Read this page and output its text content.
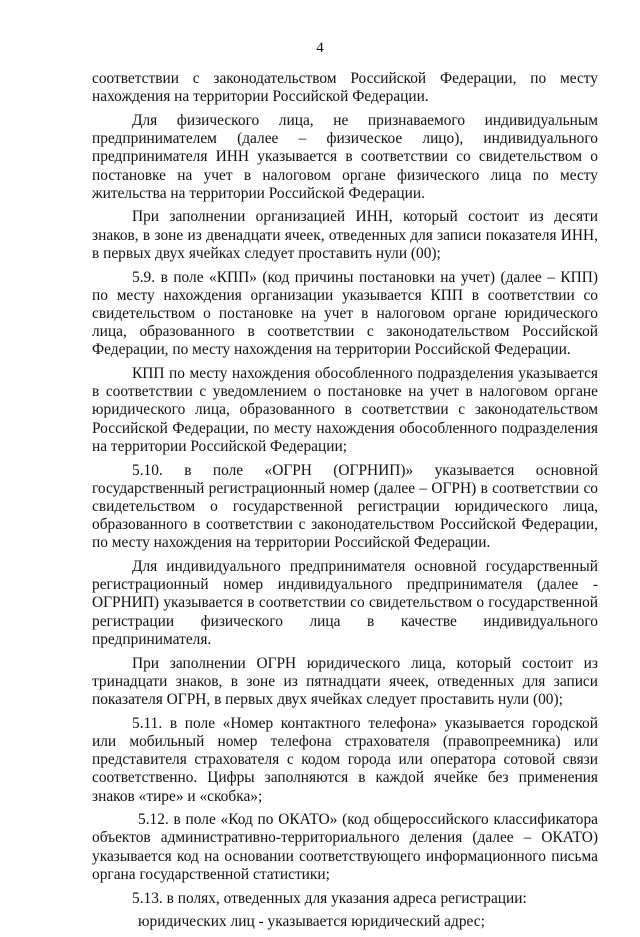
4

соответствии с законодательством Российской Федерации, по месту нахождения на территории Российской Федерации.

Для физического лица, не признаваемого индивидуальным предпринимателем (далее – физическое лицо), индивидуального предпринимателя ИНН указывается в соответствии со свидетельством о постановке на учет в налоговом органе физического лица по месту жительства на территории Российской Федерации.

При заполнении организацией ИНН, который состоит из десяти знаков, в зоне из двенадцати ячеек, отведенных для записи показателя ИНН, в первых двух ячейках следует проставить нули (00);

5.9. в поле «КПП» (код причины постановки на учет) (далее – КПП) по месту нахождения организации указывается КПП в соответствии со свидетельством о постановке на учет в налоговом органе юридического лица, образованного в соответствии с законодательством Российской Федерации, по месту нахождения на территории Российской Федерации.

КПП по месту нахождения обособленного подразделения указывается в соответствии с уведомлением о постановке на учет в налоговом органе юридического лица, образованного в соответствии с законодательством Российской Федерации, по месту нахождения обособленного подразделения на территории Российской Федерации;

5.10. в поле «ОГРН (ОГРНИП)» указывается основной государственный регистрационный номер (далее – ОГРН) в соответствии со свидетельством о государственной регистрации юридического лица, образованного в соответствии с законодательством Российской Федерации, по месту нахождения на территории Российской Федерации.

Для индивидуального предпринимателя основной государственный регистрационный номер индивидуального предпринимателя (далее - ОГРНИП) указывается в соответствии со свидетельством о государственной регистрации физического лица в качестве индивидуального предпринимателя.

При заполнении ОГРН юридического лица, который состоит из тринадцати знаков, в зоне из пятнадцати ячеек, отведенных для записи показателя ОГРН, в первых двух ячейках следует проставить нули (00);

5.11. в поле «Номер контактного телефона» указывается городской или мобильный номер телефона страхователя (правопреемника) или представителя страхователя с кодом города или оператора сотовой связи соответственно. Цифры заполняются в каждой ячейке без применения знаков «тире» и «скобка»;

5.12. в поле «Код по ОКАТО» (код общероссийского классификатора объектов административно-территориального деления (далее – ОКАТО) указывается код на основании соответствующего информационного письма органа государственной статистики;

5.13. в полях, отведенных для указания адреса регистрации:

юридических лиц - указывается юридический адрес;
